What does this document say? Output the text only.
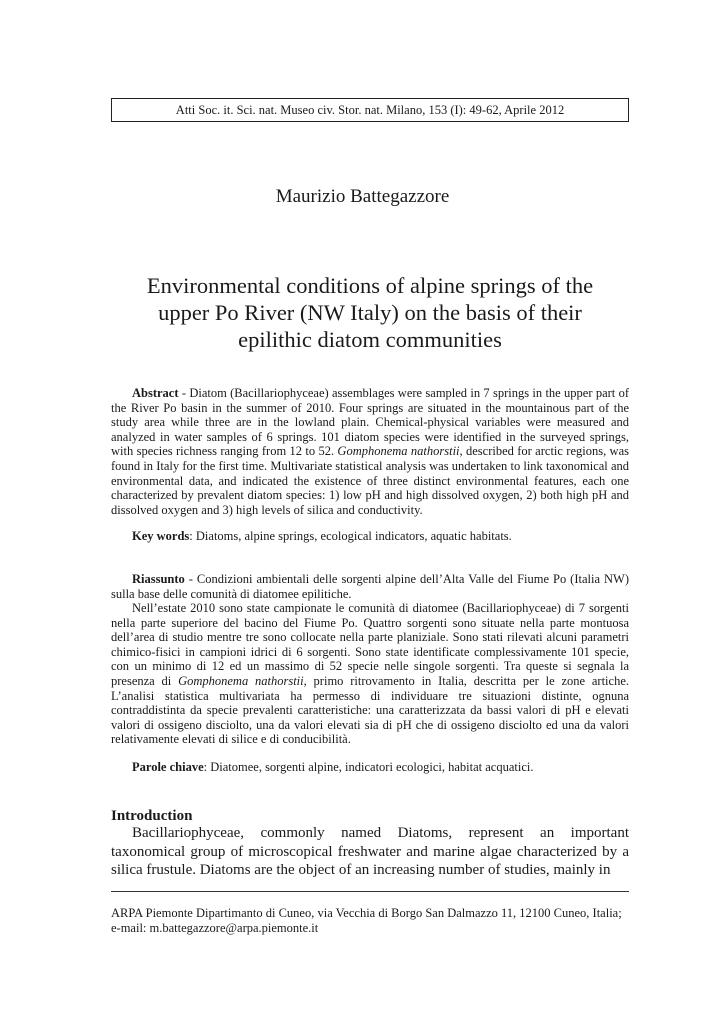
Atti Soc. it. Sci. nat. Museo civ. Stor. nat. Milano, 153 (I): 49-62, Aprile 2012
Maurizio Battegazzore
Environmental conditions of alpine springs of the
upper Po River (NW Italy) on the basis of their
epilithic diatom communities

Abstract - Diatom (Bacillariophyceae) assemblages were sampled in 7 springs in the upper part of the River Po basin in the summer of 2010. Four springs are situated in the mountainous part of the study area while three are in the lowland plain. Chemical-physical variables were measured and analyzed in water samples of 6 springs. 101 diatom species were identified in the surveyed springs, with species richness ranging from 12 to 52. Gomphonema nathorstii, described for arctic regions, was found in Italy for the first time. Multivariate statistical analysis was undertaken to link taxonomical and environmental data, and indicated the existence of three distinct environmental features, each one characterized by prevalent diatom species: 1) low pH and high dissolved oxygen, 2) both high pH and dissolved oxygen and 3) high levels of silica and conductivity.

Key words: Diatoms, alpine springs, ecological indicators, aquatic habitats.

Riassunto - Condizioni ambientali delle sorgenti alpine dell’Alta Valle del Fiume Po (Italia NW) sulla base delle comunità di diatomee epilitiche.

Nell’estate 2010 sono state campionate le comunità di diatomee (Bacillariophyceae) di 7 sorgenti nella parte superiore del bacino del Fiume Po. Quattro sorgenti sono situate nella parte montuosa dell’area di studio mentre tre sono collocate nella parte planiziale. Sono stati rilevati alcuni parametri chimico-fisici in campioni idrici di 6 sorgenti. Sono state identificate complessivamente 101 specie, con un minimo di 12 ed un massimo di 52 specie nelle singole sorgenti. Tra queste si segnala la presenza di Gomphonema nathorstii, primo ritrovamento in Italia, descritta per le zone artiche. L’analisi statistica multivariata ha permesso di individuare tre situazioni distinte, ognuna contraddistinta da specie prevalenti caratteristiche: una caratterizzata da bassi valori di pH e elevati valori di ossigeno disciolto, una da valori elevati sia di pH che di ossigeno disciolto ed una da valori relativamente elevati di silice e di conducibilità.

Parole chiave: Diatomee, sorgenti alpine, indicatori ecologici, habitat acquatici.
Introduction

Bacillariophyceae, commonly named Diatoms, represent an important taxonomical group of microscopical freshwater and marine algae characterized by a silica frustule. Diatoms are the object of an increasing number of studies, mainly in

ARPA Piemonte Dipartimanto di Cuneo, via Vecchia di Borgo San Dalmazzo 11, 12100 Cuneo, Italia;
e-mail: m.battegazzore@arpa.piemonte.it
